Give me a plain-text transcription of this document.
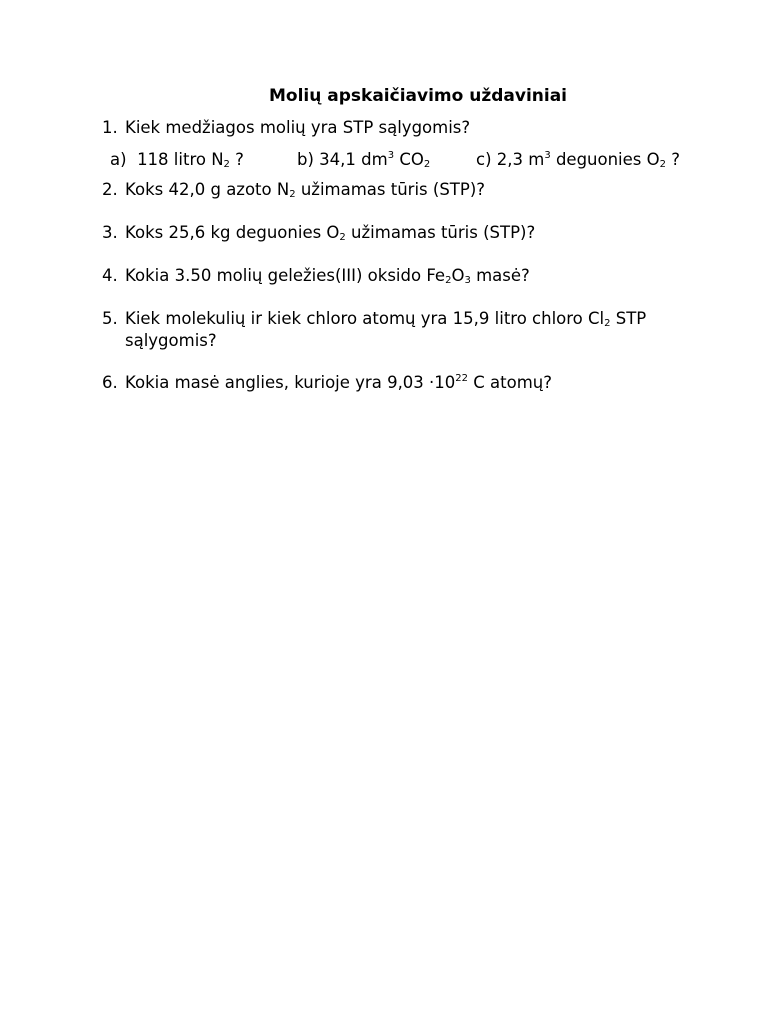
Molių apskaičiavimo uždaviniai
1. Kiek medžiagos molių yra STP sąlygomis?
a) 118 litro $N_2$ ?	b) 34,1 $dm^3$ $CO_2$	c) 2,3 $m^3$ deguonies $O_2$ ?
2. Koks 42,0 g azoto $N_2$ užimamas tūris (STP)?
3. Koks 25,6 kg deguonies $O_2$ užimamas tūris (STP)?
4. Kokia 3.50 molių geležies(III) oksido $Fe_2O_3$ masė?
5. Kiek molekulių ir kiek chloro atomų yra 15,9 litro chloro $Cl_2$ STP
sąlygomis?
6. Kokia masė anglies, kurioje yra $9,03 \cdot 10^{22}$ C atomų?
